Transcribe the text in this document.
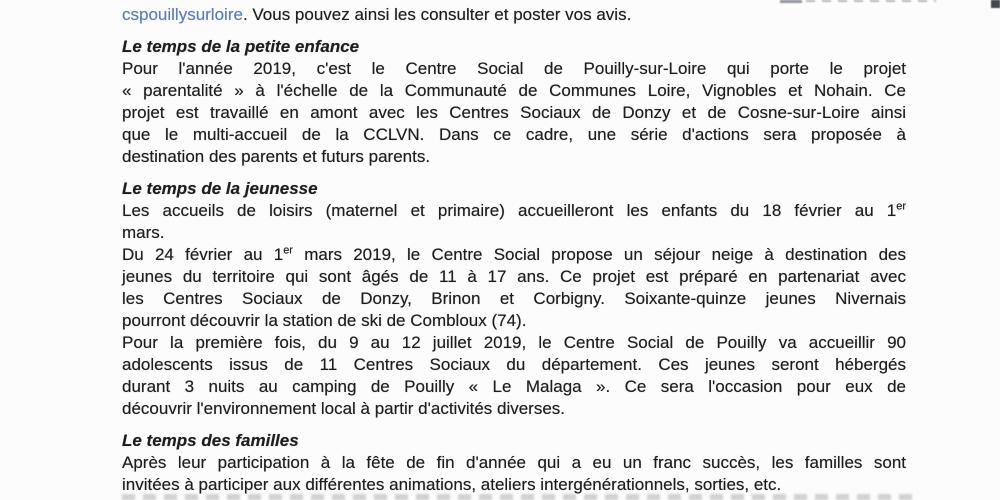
cspouillysurloire. Vous pouvez ainsi les consulter et poster vos avis.
Le temps de la petite enfance
Pour l'année 2019, c'est le Centre Social de Pouilly-sur-Loire qui porte le projet
« parentalité » à l'échelle de la Communauté de Communes Loire, Vignobles et Nohain. Ce
projet est travaillé en amont avec les Centres Sociaux de Donzy et de Cosne-sur-Loire ainsi
que le multi-accueil de la CCLVN. Dans ce cadre, une série d'actions sera proposée à
destination des parents et futurs parents.
Le temps de la jeunesse
Les accueils de loisirs (maternel et primaire) accueilleront les enfants du 18 février au 1er
mars.
Du 24 février au 1er mars 2019, le Centre Social propose un séjour neige à destination des
jeunes du territoire qui sont âgés de 11 à 17 ans. Ce projet est préparé en partenariat avec
les Centres Sociaux de Donzy, Brinon et Corbigny. Soixante-quinze jeunes Nivernais
pourront découvrir la station de ski de Combloux (74).
Pour la première fois, du 9 au 12 juillet 2019, le Centre Social de Pouilly va accueillir 90
adolescents issus de 11 Centres Sociaux du département. Ces jeunes seront hébergés
durant 3 nuits au camping de Pouilly « Le Malaga ». Ce sera l'occasion pour eux de
découvrir l'environnement local à partir d'activités diverses.
Le temps des familles
Après leur participation à la fête de fin d'année qui a eu un franc succès, les familles sont
invitées à participer aux différentes animations, ateliers intergénérationnels, sorties, etc.
